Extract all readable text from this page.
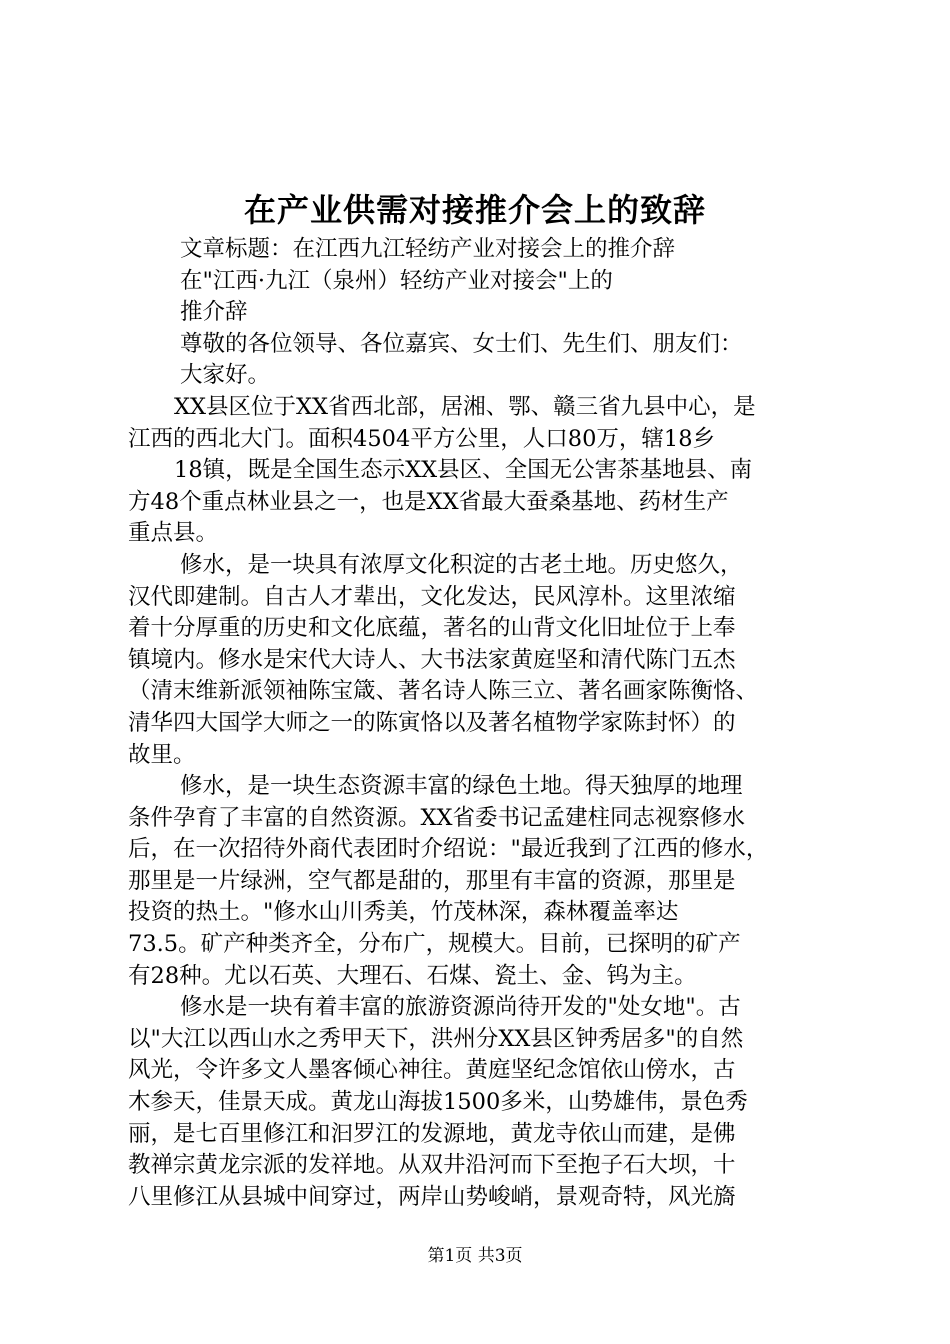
在产业供需对接推介会上的致辞
文章标题：在江西九江轻纺产业对接会上的推介辞
在"江西·九江（泉州）轻纺产业对接会"上的
推介辞
尊敬的各位领导、各位嘉宾、女士们、先生们、朋友们：
大家好。
XX县区位于XX省西北部，居湘、鄂、赣三省九县中心，是
江西的西北大门。面积4504平方公里，人口80万，辖18乡
18镇，既是全国生态示XX县区、全国无公害茶基地县、南
方48个重点林业县之一，也是XX省最大蚕桑基地、药材生产
重点县。
修水，是一块具有浓厚文化积淀的古老土地。历史悠久，
汉代即建制。自古人才辈出，文化发达，民风淳朴。这里浓缩
着十分厚重的历史和文化底蕴，著名的山背文化旧址位于上奉
镇境内。修水是宋代大诗人、大书法家黄庭坚和清代陈门五杰
（清末维新派领袖陈宝箴、著名诗人陈三立、著名画家陈衡恪、
清华四大国学大师之一的陈寅恪以及著名植物学家陈封怀）的
故里。
修水，是一块生态资源丰富的绿色土地。得天独厚的地理
条件孕育了丰富的自然资源。XX省委书记孟建柱同志视察修水
后，在一次招待外商代表团时介绍说："最近我到了江西的修水，
那里是一片绿洲，空气都是甜的，那里有丰富的资源，那里是
投资的热土。"修水山川秀美，竹茂林深，森林覆盖率达
73.5。矿产种类齐全，分布广，规模大。目前，已探明的矿产
有28种。尤以石英、大理石、石煤、瓷土、金、钨为主。
修水是一块有着丰富的旅游资源尚待开发的"处女地"。古
以"大江以西山水之秀甲天下，洪州分XX县区钟秀居多"的自然
风光，令许多文人墨客倾心神往。黄庭坚纪念馆依山傍水，古
木参天，佳景天成。黄龙山海拔1500多米，山势雄伟，景色秀
丽，是七百里修江和汩罗江的发源地，黄龙寺依山而建，是佛
教禅宗黄龙宗派的发祥地。从双井沿河而下至抱子石大坝，十
八里修江从县城中间穿过，两岸山势峻峭，景观奇特，风光旖
第1页 共3页
